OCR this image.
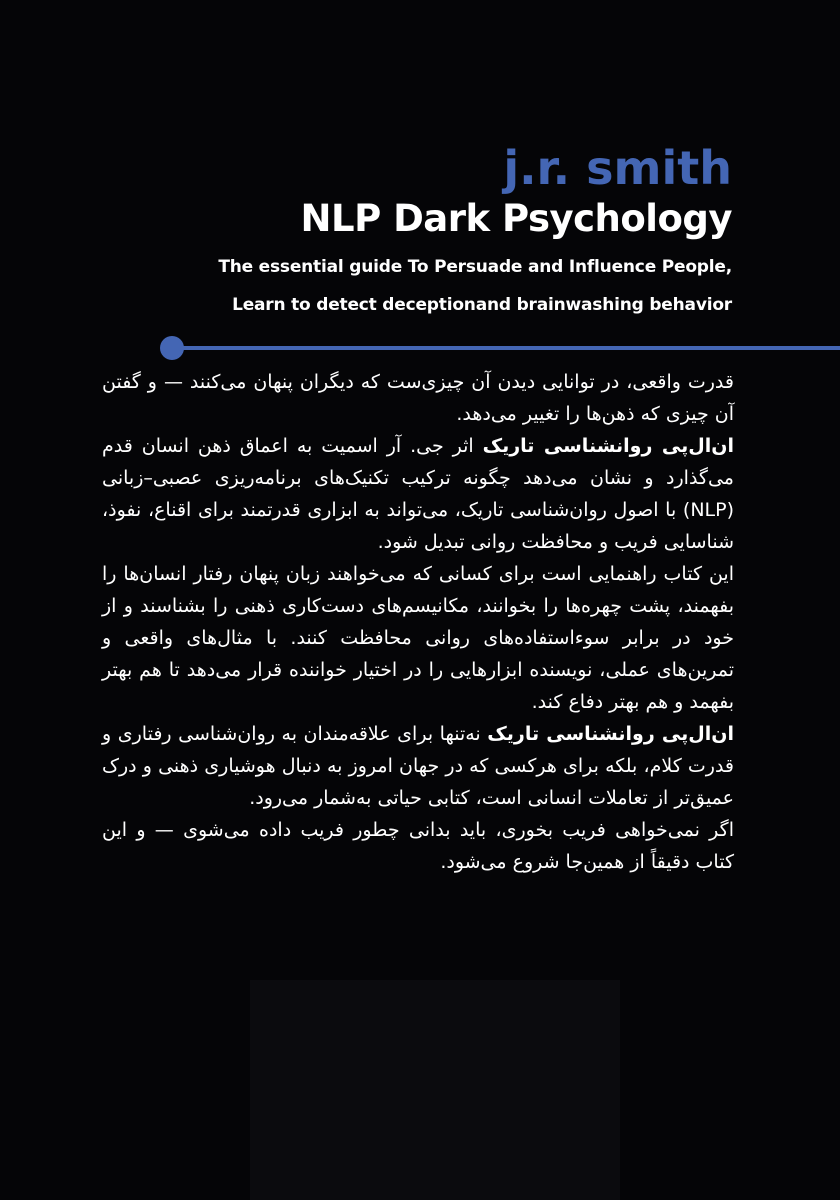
j.r. smith
NLP Dark Psychology
The essential guide To Persuade and Influence People,
Learn to detect deceptionand brainwashing behavior

قدرت واقعی، در توانایی دیدن آن چیزی‌ست که دیگران پنهان می‌کنند — و گفتن آن چیزی که ذهن‌ها را تغییر می‌دهد.

ان‌ال‌پی روانشناسی تاریک اثر جی. آر اسمیت به اعماق ذهن انسان قدم می‌گذارد و نشان می‌دهد چگونه ترکیب تکنیک‌های برنامه‌ریزی عصبی–زبانی (NLP) با اصول روان‌شناسی تاریک، می‌تواند به ابزاری قدرتمند برای اقناع، نفوذ، شناسایی فریب و محافظت روانی تبدیل شود.

این کتاب راهنمایی است برای کسانی که می‌خواهند زبان پنهان رفتار انسان‌ها را بفهمند، پشت چهره‌ها را بخوانند، مکانیسم‌های دست‌کاری ذهنی را بشناسند و از خود در برابر سوءاستفاده‌های روانی محافظت کنند. با مثال‌های واقعی و تمرین‌های عملی، نویسنده ابزارهایی را در اختیار خواننده قرار می‌دهد تا هم بهتر بفهمد و هم بهتر دفاع کند.

ان‌ال‌پی روانشناسی تاریک نه‌تنها برای علاقه‌مندان به روان‌شناسی رفتاری و قدرت کلام، بلکه برای هرکسی که در جهان امروز به دنبال هوشیاری ذهنی و درک عمیق‌تر از تعاملات انسانی است، کتابی حیاتی به‌شمار می‌رود.

اگر نمی‌خواهی فریب بخوری، باید بدانی چطور فریب داده می‌شوی — و این کتاب دقیقاً از همین‌جا شروع می‌شود.
